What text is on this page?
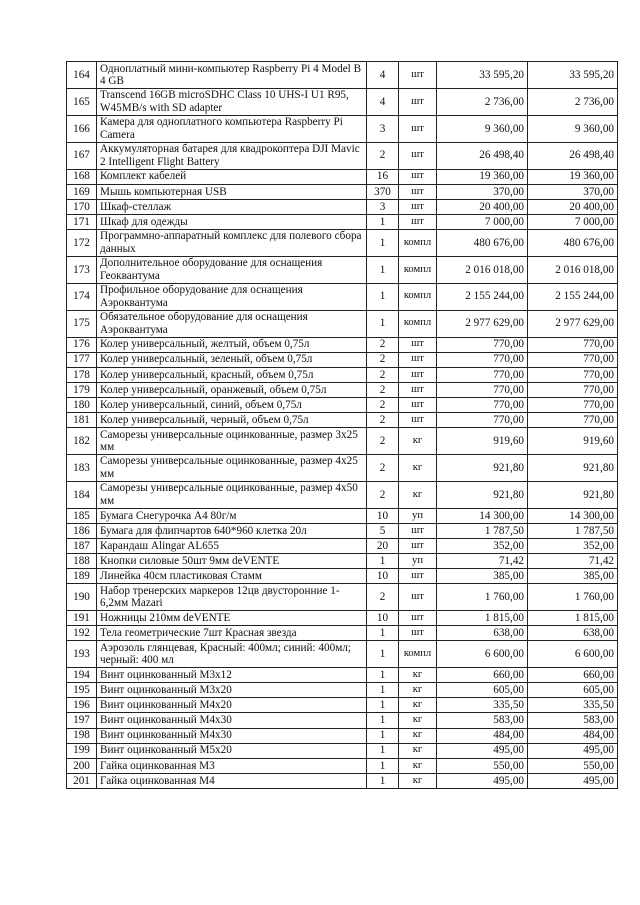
164	Одноплатный мини-компьютер Raspberry Pi 4 Model B 4 GB	4	шт	33 595,20	33 595,20
165	Transcend 16GB microSDHC Class 10 UHS-I U1 R95, W45MB/s with SD adapter	4	шт	2 736,00	2 736,00
166	Камера для одноплатного компьютера Raspberry Pi Camera	3	шт	9 360,00	9 360,00
167	Аккумуляторная батарея для квадрокоптера DJI Mavic 2 Intelligent Flight Battery	2	шт	26 498,40	26 498,40
168	Комплект кабелей	16	шт	19 360,00	19 360,00
169	Мышь компьютерная USB	370	шт	370,00	370,00
170	Шкаф-стеллаж	3	шт	20 400,00	20 400,00
171	Шкаф для одежды	1	шт	7 000,00	7 000,00
172	Программно-аппаратный комплекс для полевого сбора данных	1	компл	480 676,00	480 676,00
173	Дополнительное оборудование для оснащения Геоквантума	1	компл	2 016 018,00	2 016 018,00
174	Профильное оборудование для оснащения Аэроквантума	1	компл	2 155 244,00	2 155 244,00
175	Обязательное оборудование для оснащения Аэроквантума	1	компл	2 977 629,00	2 977 629,00
176	Колер универсальный, желтый, объем 0,75л	2	шт	770,00	770,00
177	Колер универсальный, зеленый, объем 0,75л	2	шт	770,00	770,00
178	Колер универсальный, красный, объем 0,75л	2	шт	770,00	770,00
179	Колер универсальный, оранжевый, объем 0,75л	2	шт	770,00	770,00
180	Колер универсальный, синий, объем 0,75л	2	шт	770,00	770,00
181	Колер универсальный, черный, объем 0,75л	2	шт	770,00	770,00
182	Саморезы универсальные оцинкованные, размер 3х25 мм	2	кг	919,60	919,60
183	Саморезы универсальные оцинкованные, размер 4х25 мм	2	кг	921,80	921,80
184	Саморезы универсальные оцинкованные, размер 4х50 мм	2	кг	921,80	921,80
185	Бумага Снегурочка А4 80г/м	10	уп	14 300,00	14 300,00
186	Бумага для флипчартов 640*960 клетка 20л	5	шт	1 787,50	1 787,50
187	Карандаш Alingar AL655	20	шт	352,00	352,00
188	Кнопки силовые 50шт 9мм deVENTE	1	уп	71,42	71,42
189	Линейка 40см пластиковая Стамм	10	шт	385,00	385,00
190	Набор тренерских маркеров 12цв двусторонние 1-6,2мм Mazari	2	шт	1 760,00	1 760,00
191	Ножницы 210мм deVENTE	10	шт	1 815,00	1 815,00
192	Тела геометрические 7шт Красная звезда	1	шт	638,00	638,00
193	Аэрозоль глянцевая, Красный: 400мл; синий: 400мл; черный: 400 мл	1	компл	6 600,00	6 600,00
194	Винт оцинкованный М3х12	1	кг	660,00	660,00
195	Винт оцинкованный М3х20	1	кг	605,00	605,00
196	Винт оцинкованный М4х20	1	кг	335,50	335,50
197	Винт оцинкованный М4х30	1	кг	583,00	583,00
198	Винт оцинкованный М4х30	1	кг	484,00	484,00
199	Винт оцинкованный М5х20	1	кг	495,00	495,00
200	Гайка оцинкованная М3	1	кг	550,00	550,00
201	Гайка оцинкованная М4	1	кг	495,00	495,00
